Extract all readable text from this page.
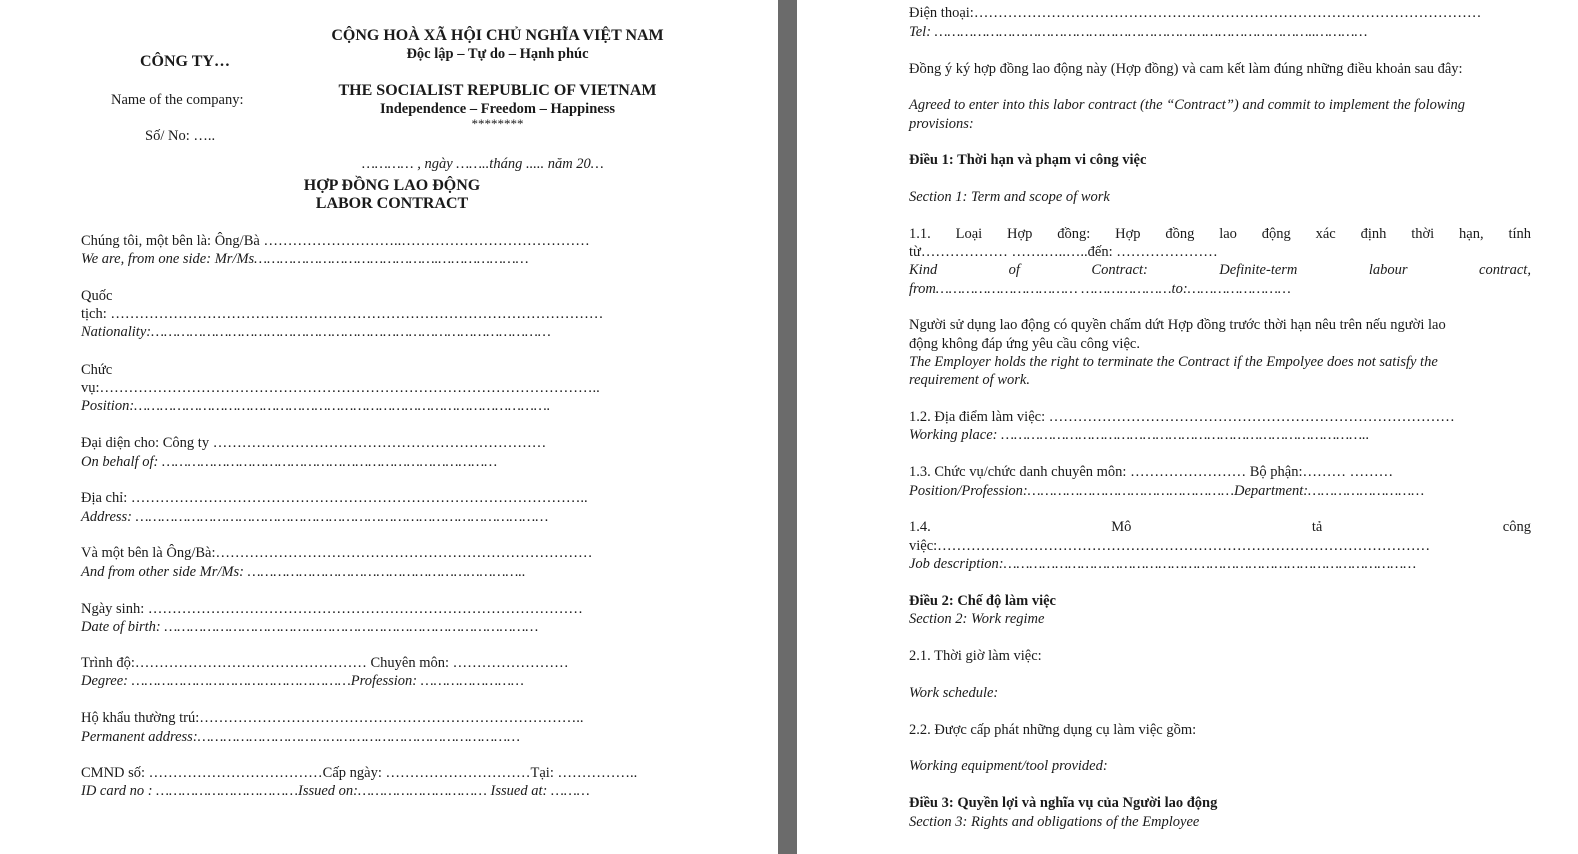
CÔNG TY…
Name of the company:
Số/ No: …..
CỘNG HOÀ XÃ HỘI CHỦ NGHĨA VIỆT NAM
Độc lập – Tự do – Hạnh phúc
THE SOCIALIST REPUBLIC OF VIETNAM
Independence – Freedom – Happiness
********
………… , ngày ……..tháng ..... năm 20…
HỢP ĐỒNG LAO ĐỘNG
LABOR CONTRACT
Chúng tôi, một bên là: Ông/Bà ………………………..…………………………………
We are, from one side: Mr/Ms…………………………………….…………………
Quốc
tịch: …………………………………………………………………………………………
Nationality:…………………………………………………………………………………
Chức
vụ:…………………………………………………………………………………………..
Position:…………………………………………………………………………………….
Đại diện cho: Công ty ……………………………………………………………
On behalf of: ……………………………………………………………………
Địa chỉ: …………………………………………………………………………………..
Address: ……………………………………………………………………………………
Và một bên là Ông/Bà:……………………………………………………………………
And from other side Mr/Ms: ………………………………………………………..
Ngày sinh: ………………………………………………………………………………
Date of birth: ……………………………………………………………………………
Trình độ:………………………………………… Chuyên môn: ……………………
Degree: ……………………………………………Profession: ……………………
Hộ khẩu thường trú:……………………………………………………………………..
Permanent address:…………………………………………………………………
CMND số: ………………………………Cấp ngày: …………………………Tại: ……………..
ID card no : ……………………………Issued on:………………………… Issued at: ………
Điện thoại:……………………………………………………………………………………………
Tel: ……………………………………………………………………………..…………
Đồng ý ký hợp đồng lao động này (Hợp đồng) và cam kết làm đúng những điều khoản sau đây:
Agreed to enter into this labor contract (the “Contract”) and commit to implement the folowing
provisions:
Điều 1: Thời hạn và phạm vi công việc
Section 1: Term and scope of work
1.1. Loại Hợp đồng: Hợp đồng lao động xác định thời hạn, tính
từ……………… …….…..…..đến: …………………
Kind	of	Contract:	Definite-term	labour	contract,
from…………………………… …………………to:……………………
Người sử dụng lao động có quyền chấm dứt Hợp đồng trước thời hạn nêu trên nếu người lao
động không đáp ứng yêu cầu công việc.
The Employer holds the right to terminate the Contract if the Empolyee does not satisfy the
requirement of work.
1.2. Địa điểm làm việc: …………………………………………………………………………
Working place: …………………………………………………………………………..
1.3. Chức vụ/chức danh chuyên môn: …………………… Bộ phận:……… ………
Position/Profession:…………………………………………Department:………………………
1.4.	Mô	tả	công
việc:…………………………………………………………………………………………
Job description:……………………………………………………………………………………
Điều 2: Chế độ làm việc
Section 2: Work regime
2.1. Thời giờ làm việc:
Work schedule:
2.2. Được cấp phát những dụng cụ làm việc gồm:
Working equipment/tool provided:
Điều 3: Quyền lợi và nghĩa vụ của Người lao động
Section 3: Rights and obligations of the Employee
